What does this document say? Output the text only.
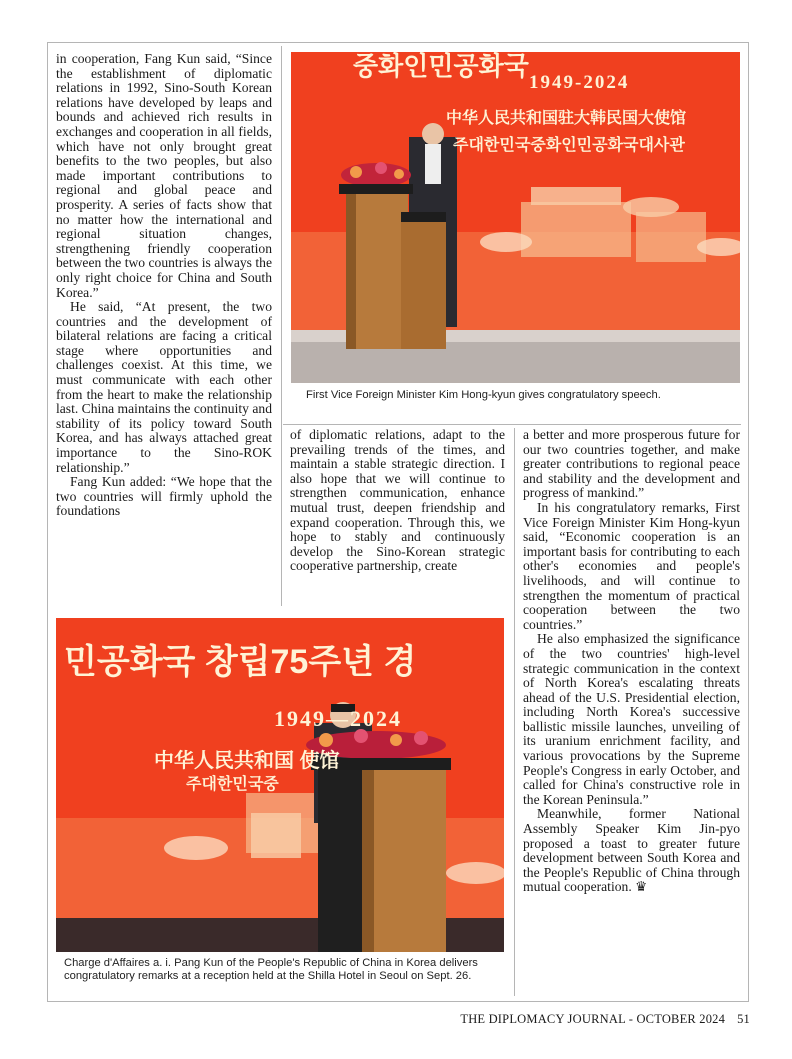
in cooperation, Fang Kun said, “Since the establishment of diplomatic relations in 1992, Sino-South Korean relations have developed by leaps and bounds and achieved rich results in exchanges and cooperation in all fields, which have not only brought great benefits to the two peoples, but also made important contributions to regional and global peace and prosperity. A series of facts show that no matter how the international and regional situation changes, strengthening friendly cooperation between the two countries is always the only right choice for China and South Korea.”

He said, “At present, the two countries and the development of bilateral relations are facing a critical stage where opportunities and challenges coexist. At this time, we must communicate with each other from the heart to make the relationship last. China maintains the continuity and stability of its policy toward South Korea, and has always attached great importance to the Sino-ROK relationship.”

Fang Kun added: “We hope that the two countries will firmly uphold the foundations

중화인민공화국
1949-2024
中华人民共和国驻大韩民国大使馆
주대한민국중화인민공화국대사관
First Vice Foreign Minister Kim Hong-kyun gives congratulatory speech.

of diplomatic relations, adapt to the prevailing trends of the times, and maintain a stable strategic direction. I also hope that we will continue to strengthen communication, enhance mutual trust, deepen friendship and expand cooperation. Through this, we hope to stably and continuously develop the Sino-Korean strategic cooperative partnership, create

a better and more prosperous future for our two countries together, and make greater contributions to regional peace and stability and the development and progress of mankind.”

In his congratulatory remarks, First Vice Foreign Minister Kim Hong-kyun said, “Economic cooperation is an important basis for contributing to each other's economies and people's livelihoods, and will continue to strengthen the momentum of practical cooperation between the two countries.”

He also emphasized the significance of the two countries' high-level strategic communication in the context of North Korea's escalating threats ahead of the U.S. Presidential election, including North Korea's successive ballistic missile launches, unveiling of its uranium enrichment facility, and various provocations by the Supreme People's Congress in early October, and called for China's constructive role in the Korean Peninsula.”

Meanwhile, former National Assembly Speaker Kim Jin-pyo proposed a toast to greater future development between South Korea and the People's Republic of China through mutual cooperation. ♛

민공화국 창립75주년 경
1949—2024
中华人民共和国 使馆
주대한민국중
Charge d'Affaires a. i. Pang Kun of the People's Republic of China in Korea delivers congratulatory remarks at a reception held at the Shilla Hotel in Seoul on Sept. 26.
THE DIPLOMACY JOURNAL - OCTOBER 2024 51
